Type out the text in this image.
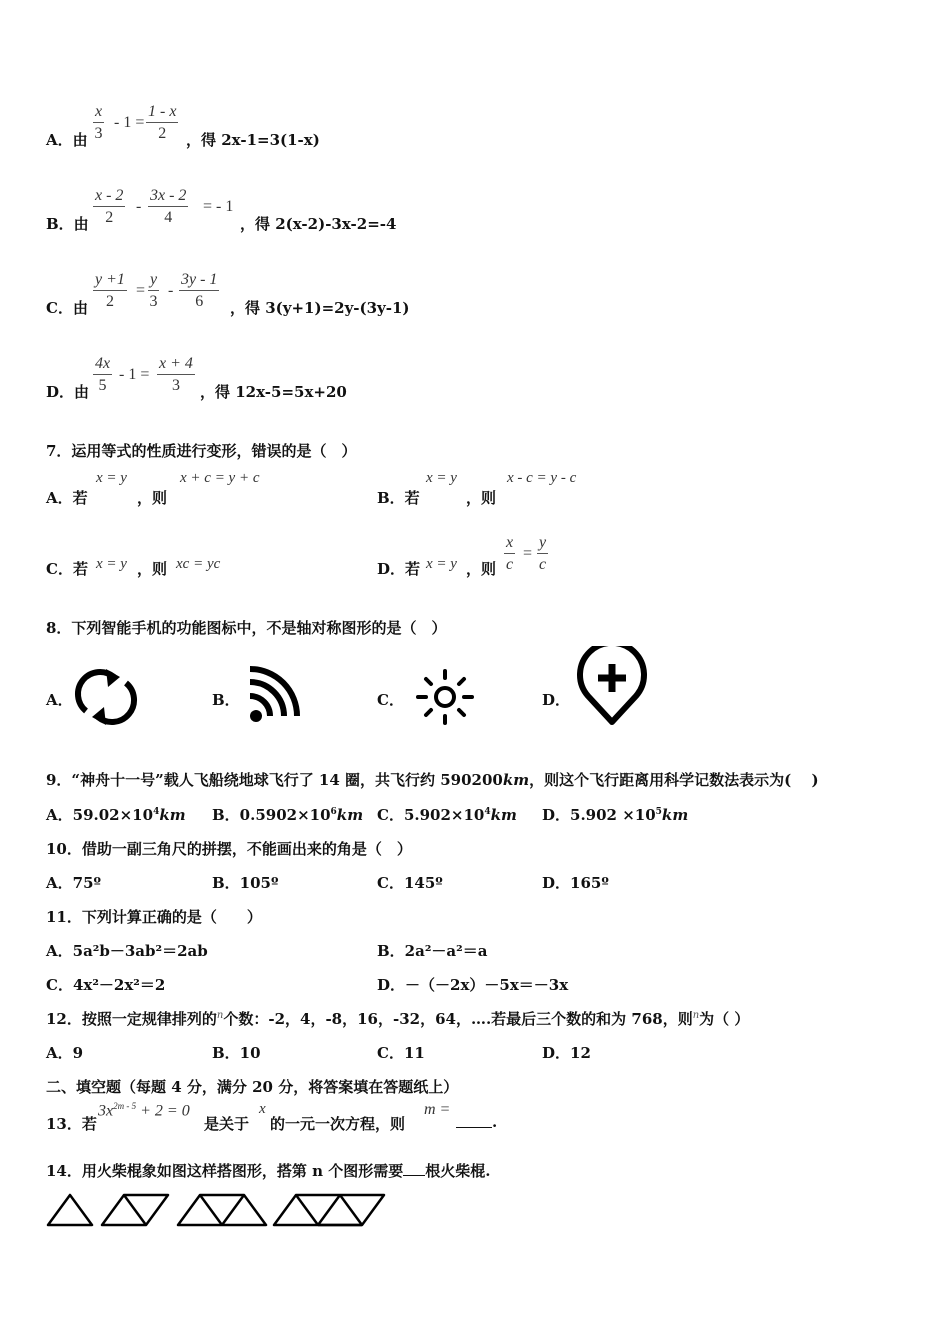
A．由 $\frac{x}{3} - 1 = \frac{1 - x}{2}$ ，得 2x-1=3(1-x)
B．由 $\frac{x - 2}{2} - \frac{3x - 2}{4}$ = - 1
，得 2(x-2)-3x-2=-4
C．由 $\frac{y +1}{2} = \frac{y}{3} - \frac{3y - 1}{6}$ ，得 3(y+1)=2y-(3y-1)
D．由 $\frac{4x}{5} - 1 = \frac{x + 4}{3}$ ，得 12x-5=5x+20
7．运用等式的性质进行变形，错误的是（　）
A．若
x = y
，则
x + c = y + c
B．若
x = y
，则
x - c = y - c
C．若 x = y ，则 xc = yc	D．若 x = y ，则 $\frac{x}{c} = \frac{y}{c}$
8．下列智能手机的功能图标中，不是轴对称图形的是（　）
A．	B．	C．	D．
9．“神舟十一号”载人飞船绕地球飞行了 14 圈，共飞行约 590200km，则这个飞行距离用科学记数法表示为(　 )
A．$59.02\times 10^4km$ B．$0.5902\times 10^6km$ C．$5.902\times 10^4km$ D．$5.902 \times 10^5km$
10．借助一副三角尺的拼摆，不能画出来的角是（　）
A．75º	B．105º	C．145º	D．165º
11．下列计算正确的是（　　）
A．5a²b－3ab²＝2ab	B．2a²－a²＝a
C．4x²－2x²＝2	D．－（－2x）－5x＝－3x
12．按照一定规律排列的$^n$个数：-2，4，-8，16，-32，64，….若最后三个数的和为 768，则$^n$为（ ）
A．9	B．10	C．11	D．12
二、填空题（每题 4 分，满分 20 分，将答案填在答题纸上）
13．若
$3x^{2m - 5} + 2 = 0$
是关于
x
的一元一次方程，则
m =
.
14．用火柴棍象如图这样搭图形，搭第 n 个图形需要 根火柴棍.
